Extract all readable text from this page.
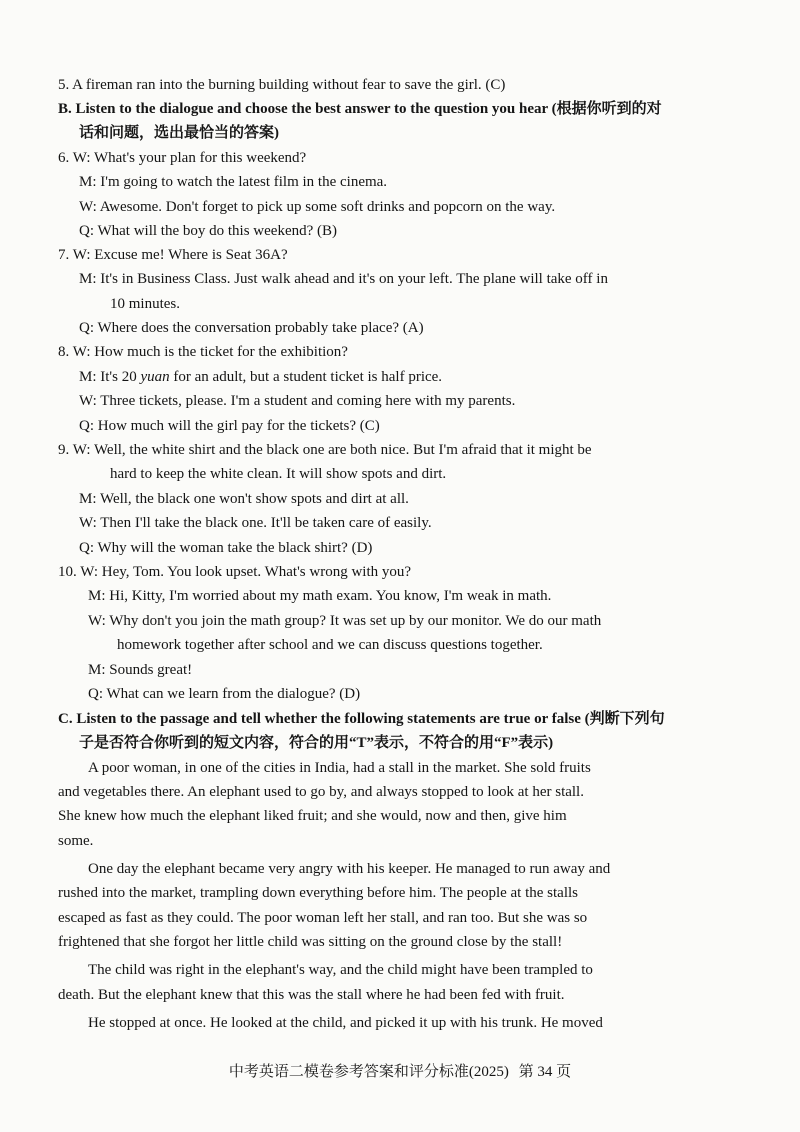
5. A fireman ran into the burning building without fear to save the girl. (C)
B. Listen to the dialogue and choose the best answer to the question you hear (根据你听到的对
话和问题，选出最恰当的答案)
6. W: What's your plan for this weekend?
M: I'm going to watch the latest film in the cinema.
W: Awesome. Don't forget to pick up some soft drinks and popcorn on the way.
Q: What will the boy do this weekend? (B)
7. W: Excuse me! Where is Seat 36A?
M: It's in Business Class. Just walk ahead and it's on your left. The plane will take off in
10 minutes.
Q: Where does the conversation probably take place? (A)
8. W: How much is the ticket for the exhibition?
M: It's 20 yuan for an adult, but a student ticket is half price.
W: Three tickets, please. I'm a student and coming here with my parents.
Q: How much will the girl pay for the tickets? (C)
9. W: Well, the white shirt and the black one are both nice. But I'm afraid that it might be
hard to keep the white clean. It will show spots and dirt.
M: Well, the black one won't show spots and dirt at all.
W: Then I'll take the black one. It'll be taken care of easily.
Q: Why will the woman take the black shirt? (D)
10. W: Hey, Tom. You look upset. What's wrong with you?
M: Hi, Kitty, I'm worried about my math exam. You know, I'm weak in math.
W: Why don't you join the math group? It was set up by our monitor. We do our math
homework together after school and we can discuss questions together.
M: Sounds great!
Q: What can we learn from the dialogue? (D)
C. Listen to the passage and tell whether the following statements are true or false (判断下列句
子是否符合你听到的短文内容，符合的用“T”表示，不符合的用“F”表示)
A poor woman, in one of the cities in India, had a stall in the market. She sold fruits
and vegetables there. An elephant used to go by, and always stopped to look at her stall.
She knew how much the elephant liked fruit; and she would, now and then, give him
some.
One day the elephant became very angry with his keeper. He managed to run away and
rushed into the market, trampling down everything before him. The people at the stalls
escaped as fast as they could. The poor woman left her stall, and ran too. But she was so
frightened that she forgot her little child was sitting on the ground close by the stall!
The child was right in the elephant's way, and the child might have been trampled to
death. But the elephant knew that this was the stall where he had been fed with fruit.
He stopped at once. He looked at the child, and picked it up with his trunk. He moved
中考英语二模卷参考答案和评分标准(2025) 第 34 页
